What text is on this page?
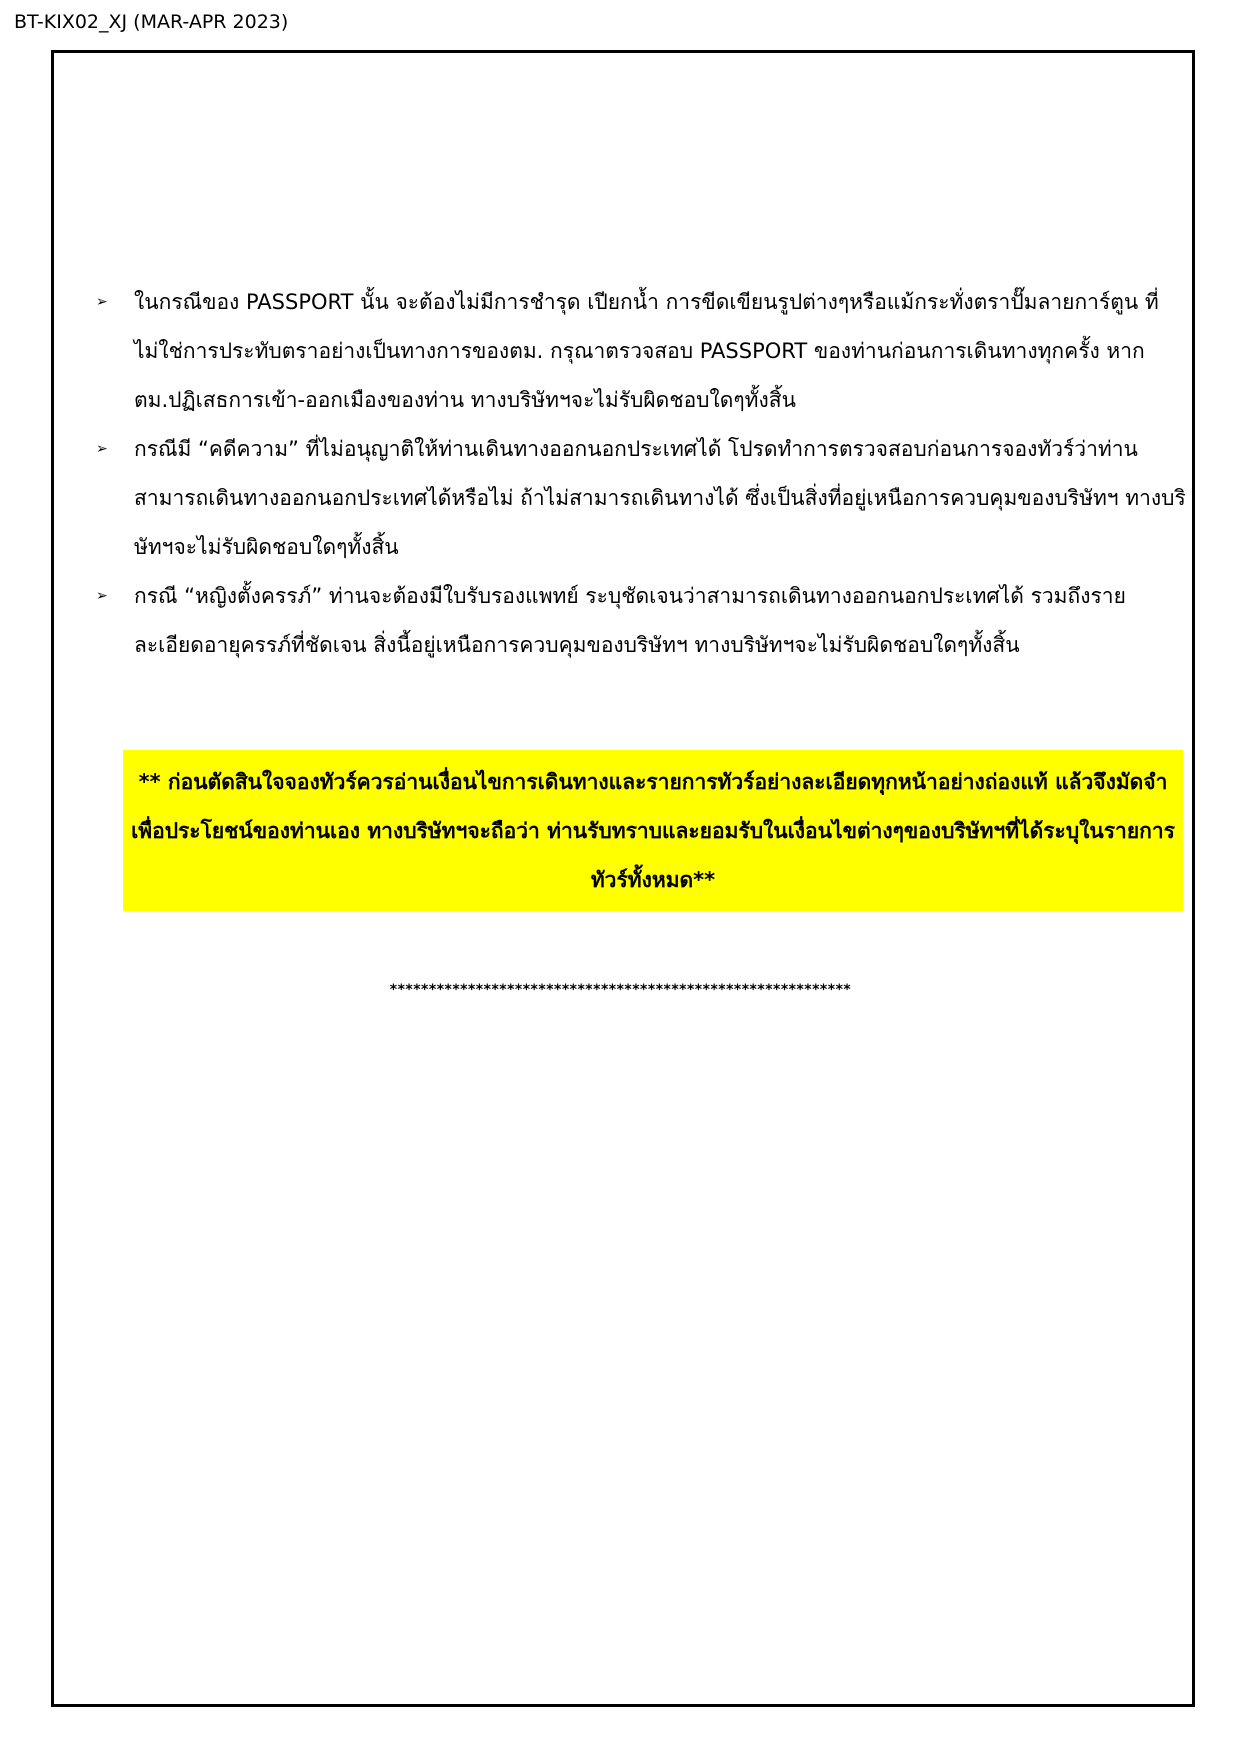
BT-KIX02_XJ (MAR-APR 2023)
➢ ในกรณีของ PASSPORT นั้น จะต้องไม่มีการชำรุด เปียกน้ำ การขีดเขียนรูปต่างๆหรือแม้กระทั่งตราปั๊มลายการ์ตูน ที่ไม่ใช่การประทับตราอย่างเป็นทางการของตม. กรุณาตรวจสอบ PASSPORT ของท่านก่อนการเดินทางทุกครั้ง หาก ตม.ปฏิเสธการเข้า-ออกเมืองของท่าน ทางบริษัทฯจะไม่รับผิดชอบใดๆทั้งสิ้น
➢ กรณีมี “คดีความ” ที่ไม่อนุญาติให้ท่านเดินทางออกนอกประเทศได้ โปรดทำการตรวจสอบก่อนการจองทัวร์ว่าท่านสามารถเดินทางออกนอกประเทศได้หรือไม่ ถ้าไม่สามารถเดินทางได้ ซึ่งเป็นสิ่งที่อยู่เหนือการควบคุมของบริษัทฯ ทางบริษัทฯจะไม่รับผิดชอบใดๆทั้งสิ้น
➢ กรณี “หญิงตั้งครรภ์” ท่านจะต้องมีใบรับรองแพทย์ ระบุชัดเจนว่าสามารถเดินทางออกนอกประเทศได้ รวมถึงรายละเอียดอายุครรภ์ที่ชัดเจน สิ่งนี้อยู่เหนือการควบคุมของบริษัทฯ ทางบริษัทฯจะไม่รับผิดชอบใดๆทั้งสิ้น
** ก่อนตัดสินใจจองทัวร์ควรอ่านเงื่อนไขการเดินทางและรายการทัวร์อย่างละเอียดทุกหน้าอย่างถ่องแท้ แล้วจึงมัดจำเพื่อประโยชน์ของท่านเอง ทางบริษัทฯจะถือว่า ท่านรับทราบและยอมรับในเงื่อนไขต่างๆของบริษัทฯที่ได้ระบุในรายการทัวร์ทั้งหมด**
***********************************************************
